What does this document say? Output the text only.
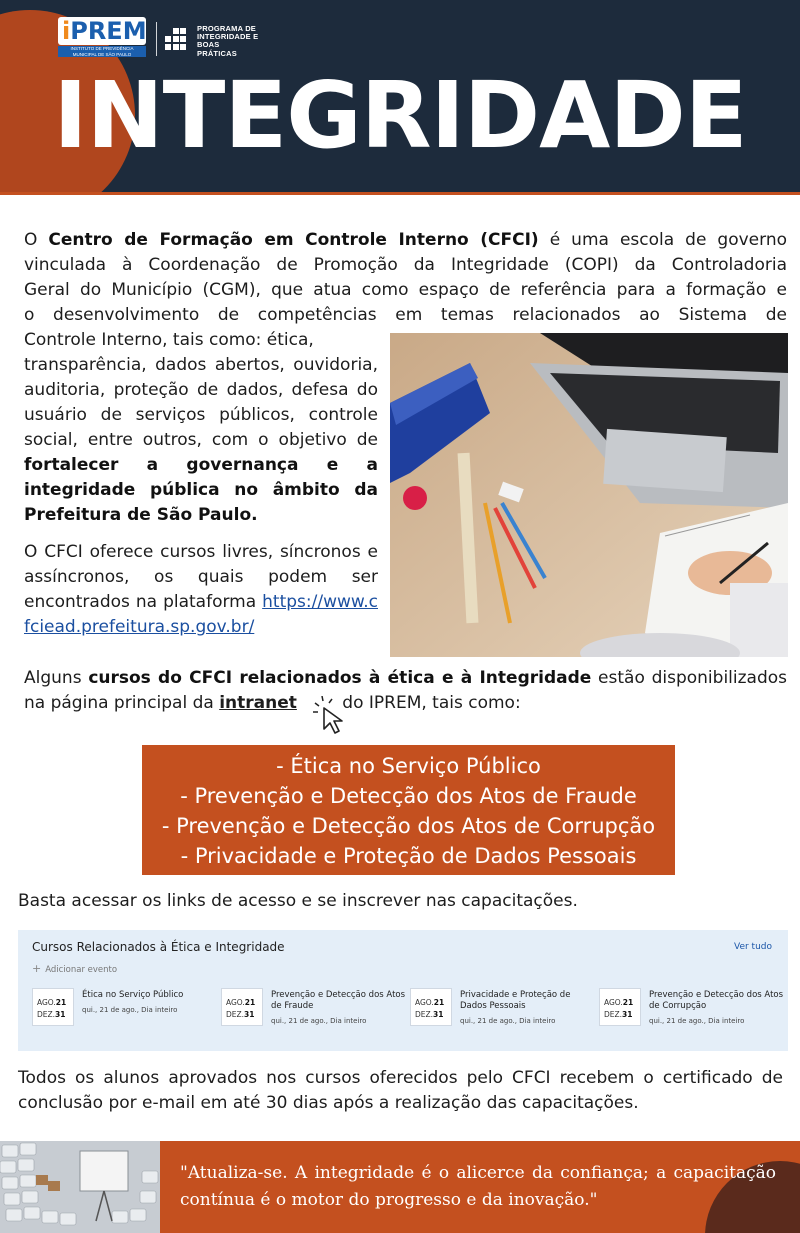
iPREM
INSTITUTO DE PREVIDÊNCIA MUNICIPAL DE SÃO PAULO
PROGRAMA DE
INTEGRIDADE E
BOAS
PRÁTICAS
INTEGRIDADE

O Centro de Formação em Controle Interno (CFCI) é uma escola de governo

vinculada à Coordenação de Promoção da Integridade (COPI) da Controladoria

Geral do Município (CGM), que atua como espaço de referência para a formação e

o desenvolvimento de competências em temas relacionados ao Sistema de

Controle Interno, tais como: ética,

transparência, dados abertos, ouvidoria, auditoria, proteção de dados, defesa do usuário de serviços públicos, controle social, entre outros, com o objetivo de fortalecer a governança e a integridade pública no âmbito da Prefeitura de São Paulo.

O CFCI oferece cursos livres, síncronos e assíncronos, os quais podem ser encontrados na plataforma https://www.cfciead.prefeitura.sp.gov.br/

Alguns cursos do CFCI relacionados à ética e à Integridade estão disponibilizados na página principal da intranet do IPREM, tais como:

- Ética no Serviço Público
- Prevenção e Detecção dos Atos de Fraude
- Prevenção e Detecção dos Atos de Corrupção
- Privacidade e Proteção de Dados Pessoais
Basta acessar os links de acesso e se inscrever nas capacitações.
Cursos Relacionados à Ética e Integridade	Ver tudo
+ Adicionar evento
AGO.21
DEZ.31
Ética no Serviço Público
qui., 21 de ago., Dia inteiro
AGO.21
DEZ.31
Prevenção e Detecção dos Atos de Fraude
qui., 21 de ago., Dia inteiro
AGO.21
DEZ.31
Privacidade e Proteção de Dados Pessoais
qui., 21 de ago., Dia inteiro
AGO.21
DEZ.31
Prevenção e Detecção dos Atos de Corrupção
qui., 21 de ago., Dia inteiro

Todos os alunos aprovados nos cursos oferecidos pelo CFCI recebem o certificado de conclusão por e-mail em até 30 dias após a realização das capacitações.

"Atualiza-se. A integridade é o alicerce da confiança; a capacitação contínua é o motor do progresso e da inovação."
